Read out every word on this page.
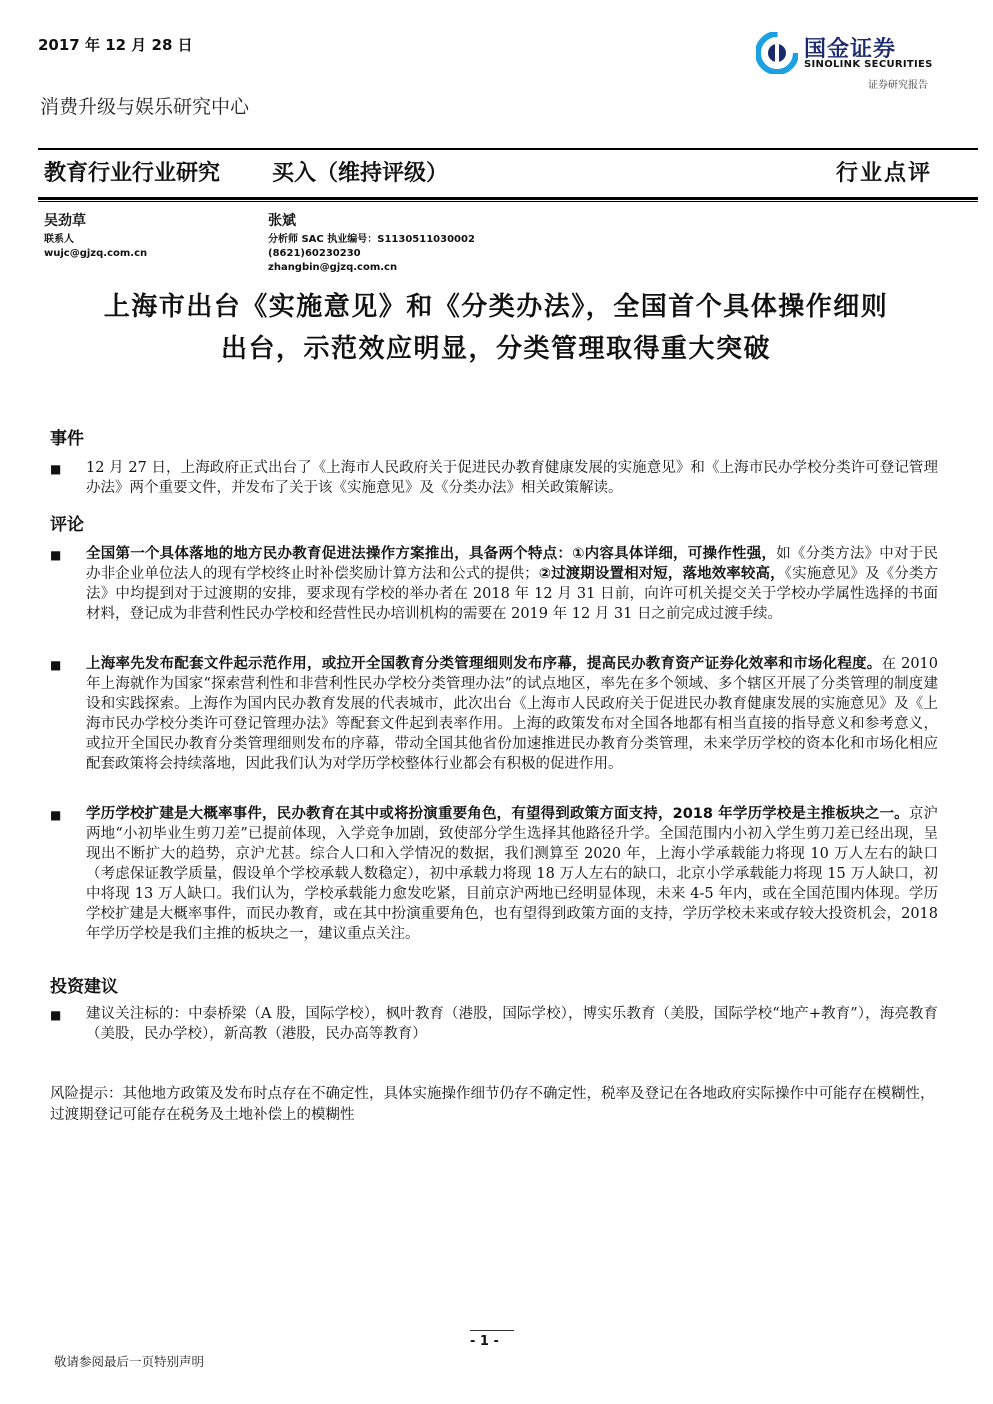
2017 年 12 月 28 日	国金证券
SINOLINK SECURITIES
证券研究报告
消费升级与娱乐研究中心
教育行业行业研究 买入（维持评级）	行业点评
吴劲草
联系人
wujc@gjzq.com.cn
张斌
分析师 SAC 执业编号：S1130511030002
(8621)60230230
zhangbin@gjzq.com.cn
上海市出台《实施意见》和《分类办法》，全国首个具体操作细则
出台，示范效应明显，分类管理取得重大突破
事件
■ 12 月 27 日，上海政府正式出台了《上海市人民政府关于促进民办教育健康发展的实施意见》和《上海市民办学校分类许可登记管理办法》两个重要文件，并发布了关于该《实施意见》及《分类办法》相关政策解读。
评论
■ 全国第一个具体落地的地方民办教育促进法操作方案推出，具备两个特点：①内容具体详细，可操作性强，如《分类方法》中对于民办非企业单位法人的现有学校终止时补偿奖励计算方法和公式的提供；②过渡期设置相对短，落地效率较高，《实施意见》及《分类方法》中均提到对于过渡期的安排，要求现有学校的举办者在 2018 年 12 月 31 日前，向许可机关提交关于学校办学属性选择的书面材料，登记成为非营利性民办学校和经营性民办培训机构的需要在 2019 年 12 月 31 日之前完成过渡手续。
■ 上海率先发布配套文件起示范作用，或拉开全国教育分类管理细则发布序幕，提高民办教育资产证券化效率和市场化程度。在 2010 年上海就作为国家“探索营利性和非营利性民办学校分类管理办法”的试点地区，率先在多个领域、多个辖区开展了分类管理的制度建设和实践探索。上海作为国内民办教育发展的代表城市，此次出台《上海市人民政府关于促进民办教育健康发展的实施意见》及《上海市民办学校分类许可登记管理办法》等配套文件起到表率作用。上海的政策发布对全国各地都有相当直接的指导意义和参考意义，或拉开全国民办教育分类管理细则发布的序幕，带动全国其他省份加速推进民办教育分类管理，未来学历学校的资本化和市场化相应配套政策将会持续落地，因此我们认为对学历学校整体行业都会有积极的促进作用。
■ 学历学校扩建是大概率事件，民办教育在其中或将扮演重要角色，有望得到政策方面支持，2018 年学历学校是主推板块之一。京沪两地“小初毕业生剪刀差”已提前体现，入学竞争加剧，致使部分学生选择其他路径升学。全国范围内小初入学生剪刀差已经出现，呈现出不断扩大的趋势，京沪尤甚。综合人口和入学情况的数据，我们测算至 2020 年，上海小学承载能力将现 10 万人左右的缺口（考虑保证教学质量，假设单个学校承载人数稳定），初中承载力将现 18 万人左右的缺口，北京小学承载能力将现 15 万人缺口，初中将现 13 万人缺口。我们认为，学校承载能力愈发吃紧，目前京沪两地已经明显体现，未来 4-5 年内，或在全国范围内体现。学历学校扩建是大概率事件，而民办教育，或在其中扮演重要角色，也有望得到政策方面的支持，学历学校未来或存较大投资机会，2018 年学历学校是我们主推的板块之一，建议重点关注。
投资建议
■ 建议关注标的：中泰桥梁（A 股，国际学校），枫叶教育（港股，国际学校），博实乐教育（美股，国际学校“地产+教育”），海亮教育（美股，民办学校），新高教（港股，民办高等教育）
风险提示：其他地方政策及发布时点存在不确定性，具体实施操作细节仍存不确定性，税率及登记在各地政府实际操作中可能存在模糊性，过渡期登记可能存在税务及土地补偿上的模糊性
- 1 -
敬请参阅最后一页特别声明
